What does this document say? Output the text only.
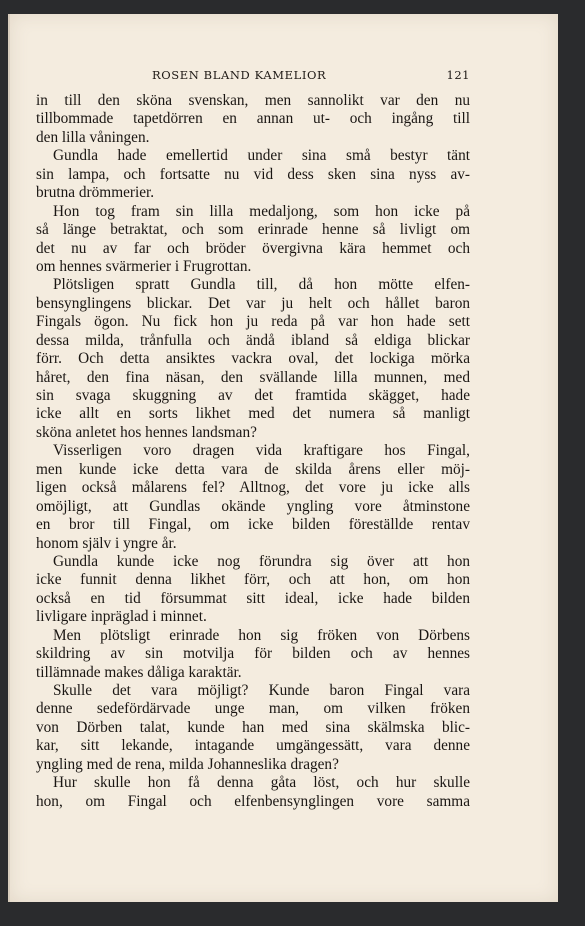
ROSEN BLAND KAMELIOR	121
in till den sköna svenskan, men sannolikt var den nu
tillbommade tapetdörren en annan ut- och ingång till
den lilla våningen.
Gundla hade emellertid under sina små bestyr tänt
sin lampa, och fortsatte nu vid dess sken sina nyss av-
brutna drömmerier.
Hon tog fram sin lilla medaljong, som hon icke på
så länge betraktat, och som erinrade henne så livligt om
det nu av far och bröder övergivna kära hemmet och
om hennes svärmerier i Frugrottan.
Plötsligen spratt Gundla till, då hon mötte elfen-
bensynglingens blickar. Det var ju helt och hållet baron
Fingals ögon. Nu fick hon ju reda på var hon hade sett
dessa milda, trånfulla och ändå ibland så eldiga blickar
förr. Och detta ansiktes vackra oval, det lockiga mörka
håret, den fina näsan, den svällande lilla munnen, med
sin svaga skuggning av det framtida skägget, hade
icke allt en sorts likhet med det numera så manligt
sköna anletet hos hennes landsman?
Visserligen voro dragen vida kraftigare hos Fingal,
men kunde icke detta vara de skilda årens eller möj-
ligen också målarens fel? Alltnog, det vore ju icke alls
omöjligt, att Gundlas okände yngling vore åtminstone
en bror till Fingal, om icke bilden föreställde rentav
honom själv i yngre år.
Gundla kunde icke nog förundra sig över att hon
icke funnit denna likhet förr, och att hon, om hon
också en tid försummat sitt ideal, icke hade bilden
livligare inpräglad i minnet.
Men plötsligt erinrade hon sig fröken von Dörbens
skildring av sin motvilja för bilden och av hennes
tillämnade makes dåliga karaktär.
Skulle det vara möjligt? Kunde baron Fingal vara
denne sedefördärvade unge man, om vilken fröken
von Dörben talat, kunde han med sina skälmska blic-
kar, sitt lekande, intagande umgängessätt, vara denne
yngling med de rena, milda Johanneslika dragen?
Hur skulle hon få denna gåta löst, och hur skulle
hon, om Fingal och elfenbensynglingen vore samma
